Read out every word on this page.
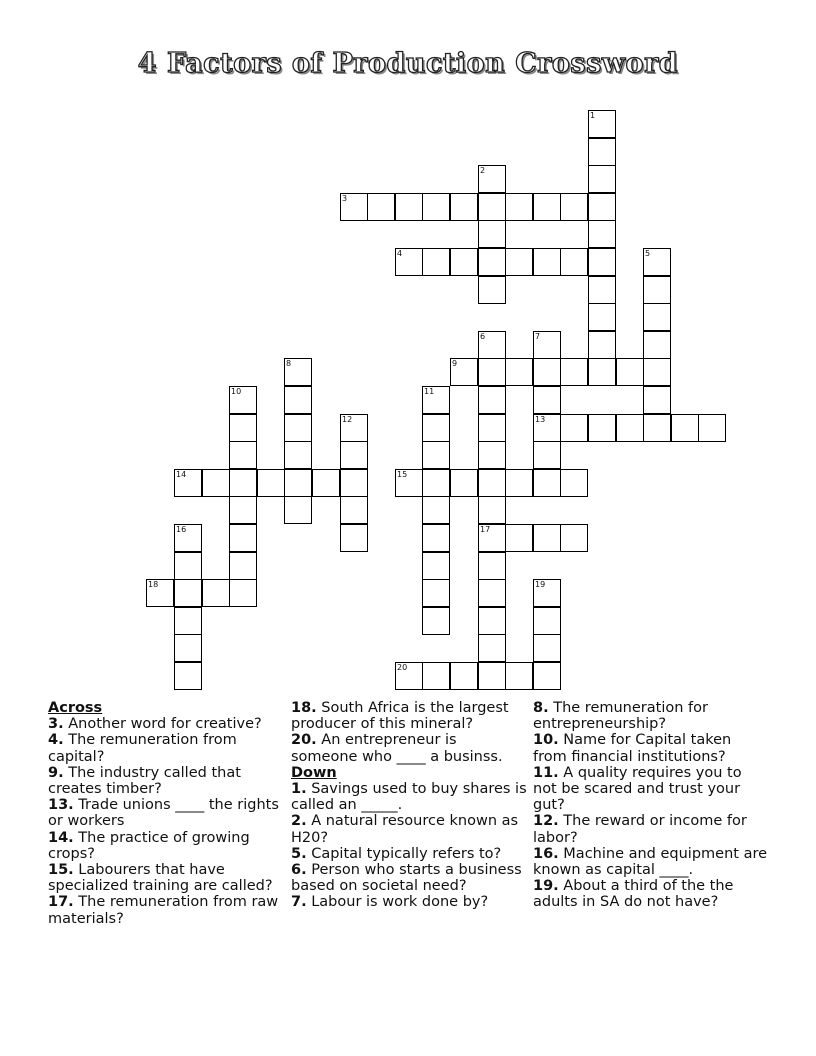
4 Factors of Production Crossword
1
2
3
4	5
6
17
7
13
8	9
10	11
12
14	15
16
18	19
20
Across
3. Another word for creative?
4. The remuneration from capital?
9. The industry called that creates timber?
13. Trade unions ____ the rights or workers
14. The practice of growing crops?
15. Labourers that have specialized training are called?
17. The remuneration from raw materials?
18. South Africa is the largest producer of this mineral?
20. An entrepreneur is someone who ____ a businss.
Down
1. Savings used to buy shares is called an _____.
2. A natural resource known as H20?
5. Capital typically refers to?
6. Person who starts a business based on societal need?
7. Labour is work done by?
8. The remuneration for entrepreneurship?
10. Name for Capital taken from financial institutions?
11. A quality requires you to not be scared and trust your gut?
12. The reward or income for labor?
16. Machine and equipment are known as capital ____.
19. About a third of the the adults in SA do not have?
